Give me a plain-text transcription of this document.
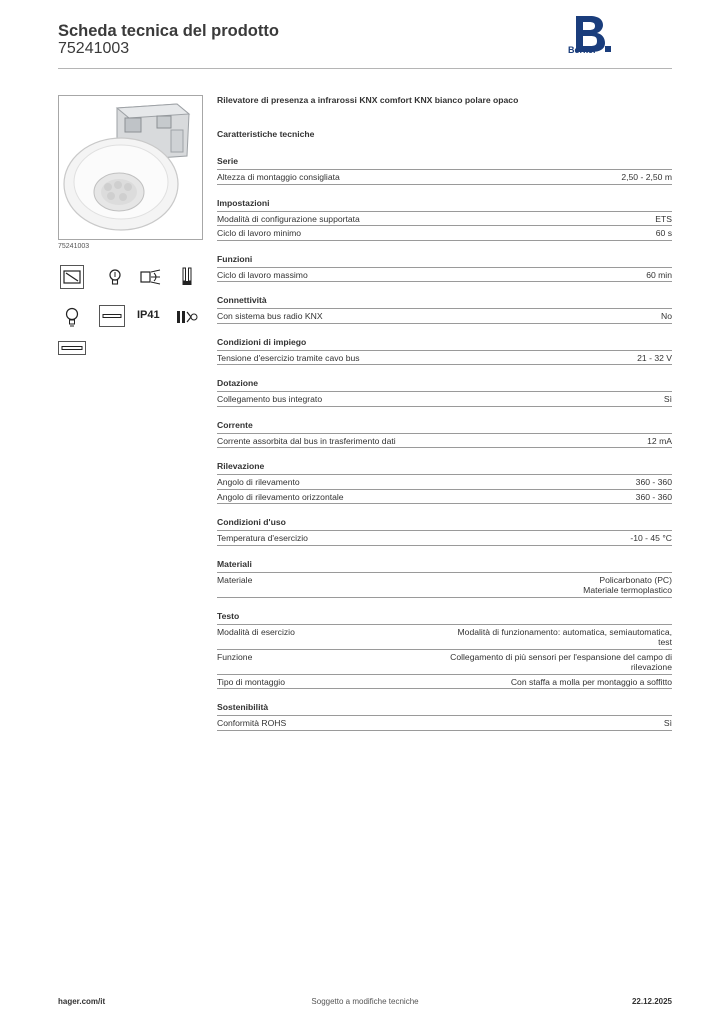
Scheda tecnica del prodotto
75241003	Berker
75241003
IP41
Rilevatore di presenza a infrarossi KNX comfort KNX bianco polare opaco
Caratteristiche tecniche
Serie
Altezza di montaggio consigliata	2,50 - 2,50 m
Impostazioni
Modalità di configurazione supportata	ETS
Ciclo di lavoro minimo	60 s
Funzioni
Ciclo di lavoro massimo	60 min
Connettività
Con sistema bus radio KNX	No
Condizioni di impiego
Tensione d'esercizio tramite cavo bus	21 - 32 V
Dotazione
Collegamento bus integrato	Sì
Corrente
Corrente assorbita dal bus in trasferimento dati	12 mA
Rilevazione
Angolo di rilevamento	360 - 360
Angolo di rilevamento orizzontale	360 - 360
Condizioni d'uso
Temperatura d'esercizio	-10 - 45 °C
Materiali
Materiale	Policarbonato (PC)
Materiale termoplastico
Testo
Modalità di esercizio	Modalità di funzionamento: automatica, semiautomatica,
test
Funzione	Collegamento di più sensori per l'espansione del campo di
rilevazione
Tipo di montaggio	Con staffa a molla per montaggio a soffitto
Sostenibilità
Conformità ROHS	Sì
hager.com/it	Soggetto a modifiche tecniche	22.12.2025
